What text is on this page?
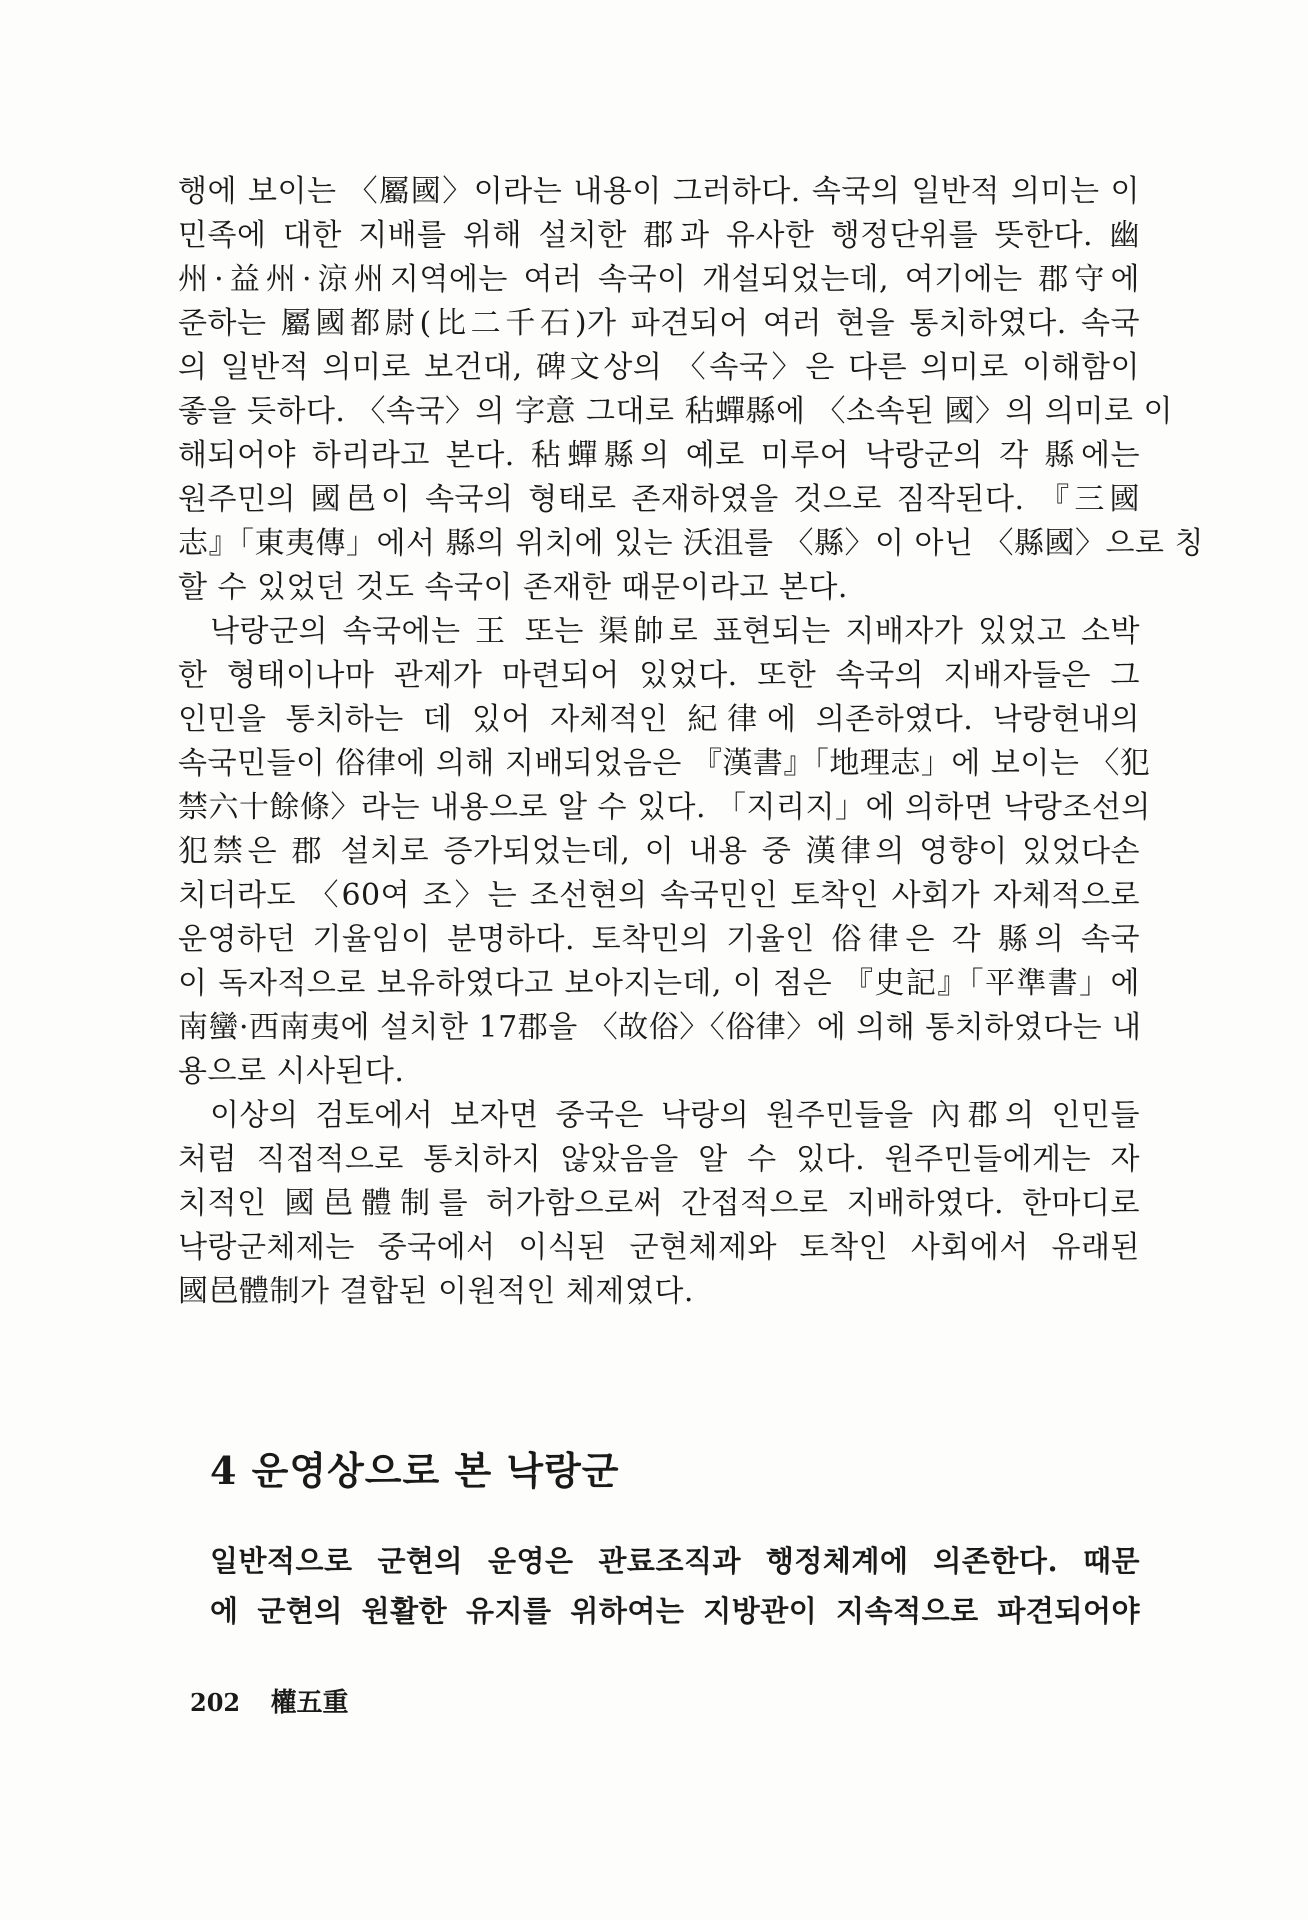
행에 보이는 〈屬國〉이라는 내용이 그러하다. 속국의 일반적 의미는 이
민족에 대한 지배를 위해 설치한 郡과 유사한 행정단위를 뜻한다. 幽
州·益州·涼州지역에는 여러 속국이 개설되었는데, 여기에는 郡守에
준하는 屬國都尉(比二千石)가 파견되어 여러 현을 통치하였다. 속국
의 일반적 의미로 보건대, 碑文상의 〈속국〉은 다른 의미로 이해함이
좋을 듯하다. 〈속국〉의 字意 그대로 秥蟬縣에 〈소속된 國〉의 의미로 이
해되어야 하리라고 본다. 秥蟬縣의 예로 미루어 낙랑군의 각 縣에는
원주민의 國邑이 속국의 형태로 존재하였을 것으로 짐작된다. 『三國
志』「東夷傳」에서 縣의 위치에 있는 沃沮를 〈縣〉이 아닌 〈縣國〉으로 칭
할 수 있었던 것도 속국이 존재한 때문이라고 본다.
낙랑군의 속국에는 王 또는 渠帥로 표현되는 지배자가 있었고 소박
한 형태이나마 관제가 마련되어 있었다. 또한 속국의 지배자들은 그
인민을 통치하는 데 있어 자체적인 紀律에 의존하였다. 낙랑현내의
속국민들이 俗律에 의해 지배되었음은 『漢書』「地理志」에 보이는 〈犯
禁六十餘條〉라는 내용으로 알 수 있다. 「지리지」에 의하면 낙랑조선의
犯禁은 郡 설치로 증가되었는데, 이 내용 중 漢律의 영향이 있었다손
치더라도 〈60여 조〉는 조선현의 속국민인 토착인 사회가 자체적으로
운영하던 기율임이 분명하다. 토착민의 기율인 俗律은 각 縣의 속국
이 독자적으로 보유하였다고 보아지는데, 이 점은 『史記』「平準書」에
南蠻·西南夷에 설치한 17郡을 〈故俗〉〈俗律〉에 의해 통치하였다는 내
용으로 시사된다.
이상의 검토에서 보자면 중국은 낙랑의 원주민들을 內郡의 인민들
처럼 직접적으로 통치하지 않았음을 알 수 있다. 원주민들에게는 자
치적인 國邑體制를 허가함으로써 간접적으로 지배하였다. 한마디로
낙랑군체제는 중국에서 이식된 군현체제와 토착인 사회에서 유래된
國邑體制가 결합된 이원적인 체제였다.
4 운영상으로 본 낙랑군
일반적으로 군현의 운영은 관료조직과 행정체계에 의존한다. 때문
에 군현의 원활한 유지를 위하여는 지방관이 지속적으로 파견되어야
202 權五重
